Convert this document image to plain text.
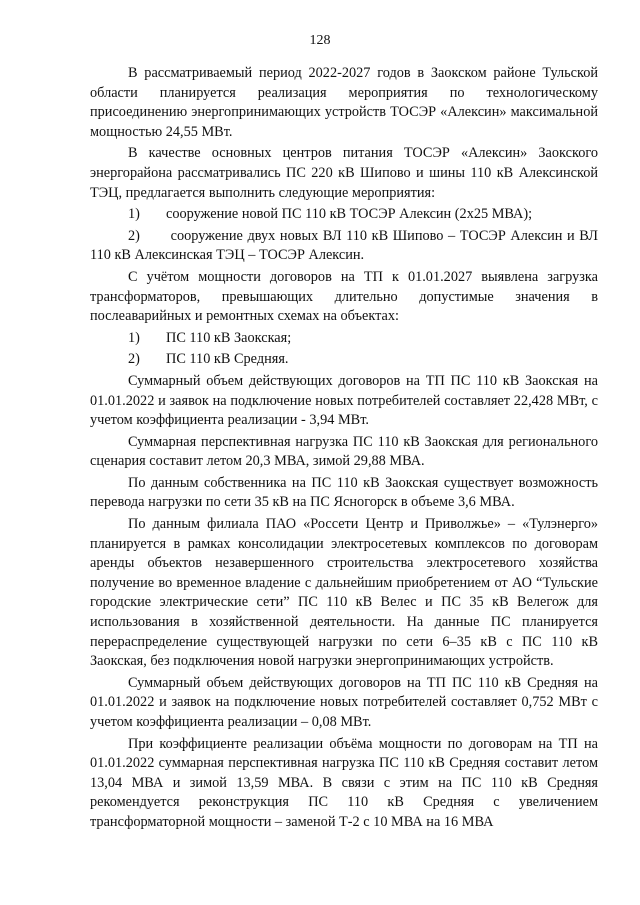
128

В рассматриваемый период 2022-2027 годов в Заокском районе Тульской области планируется реализация мероприятия по технологическому присоединению энергопринимающих устройств ТОСЭР «Алексин» максимальной мощностью 24,55 МВт.

В качестве основных центров питания ТОСЭР «Алексин» Заокского энергорайона рассматривались ПС 220 кВ Шипово и шины 110 кВ Алексинской ТЭЦ, предлагается выполнить следующие мероприятия:

1)	сооружение новой ПС 110 кВ ТОСЭР Алексин (2х25 МВА);
2) сооружение двух новых ВЛ 110 кВ Шипово – ТОСЭР Алексин и ВЛ 110 кВ Алексинская ТЭЦ – ТОСЭР Алексин.

С учётом мощности договоров на ТП к 01.01.2027 выявлена загрузка трансформаторов, превышающих длительно допустимые значения в послеаварийных и ремонтных схемах на объектах:

1)	ПС 110 кВ Заокская;
2)	ПС 110 кВ Средняя.

Суммарный объем действующих договоров на ТП ПС 110 кВ Заокская на 01.01.2022 и заявок на подключение новых потребителей составляет 22,428 МВт, с учетом коэффициента реализации - 3,94 МВт.

Суммарная перспективная нагрузка ПС 110 кВ Заокская для регионального сценария составит летом 20,3 МВА, зимой 29,88 МВА.

По данным собственника на ПС 110 кВ Заокская существует возможность перевода нагрузки по сети 35 кВ на ПС Ясногорск в объеме 3,6 МВА.

По данным филиала ПАО «Россети Центр и Приволжье» – «Тулэнерго» планируется в рамках консолидации электросетевых комплексов по договорам аренды объектов незавершенного строительства электросетевого хозяйства получение во временное владение с дальнейшим приобретением от АО “Тульские городские электрические сети” ПС 110 кВ Велес и ПС 35 кВ Велегож для использования в хозяйственной деятельности. На данные ПС планируется перераспределение существующей нагрузки по сети 6–35 кВ с ПС 110 кВ Заокская, без подключения новой нагрузки энергопринимающих устройств.

Суммарный объем действующих договоров на ТП ПС 110 кВ Средняя на 01.01.2022 и заявок на подключение новых потребителей составляет 0,752 МВт с учетом коэффициента реализации – 0,08 МВт.

При коэффициенте реализации объёма мощности по договорам на ТП на 01.01.2022 суммарная перспективная нагрузка ПС 110 кВ Средняя составит летом 13,04 МВА и зимой 13,59 МВА. В связи с этим на ПС 110 кВ Средняя рекомендуется реконструкция ПС 110 кВ Средняя с увеличением трансформаторной мощности – заменой Т-2 с 10 МВА на 16 МВА
